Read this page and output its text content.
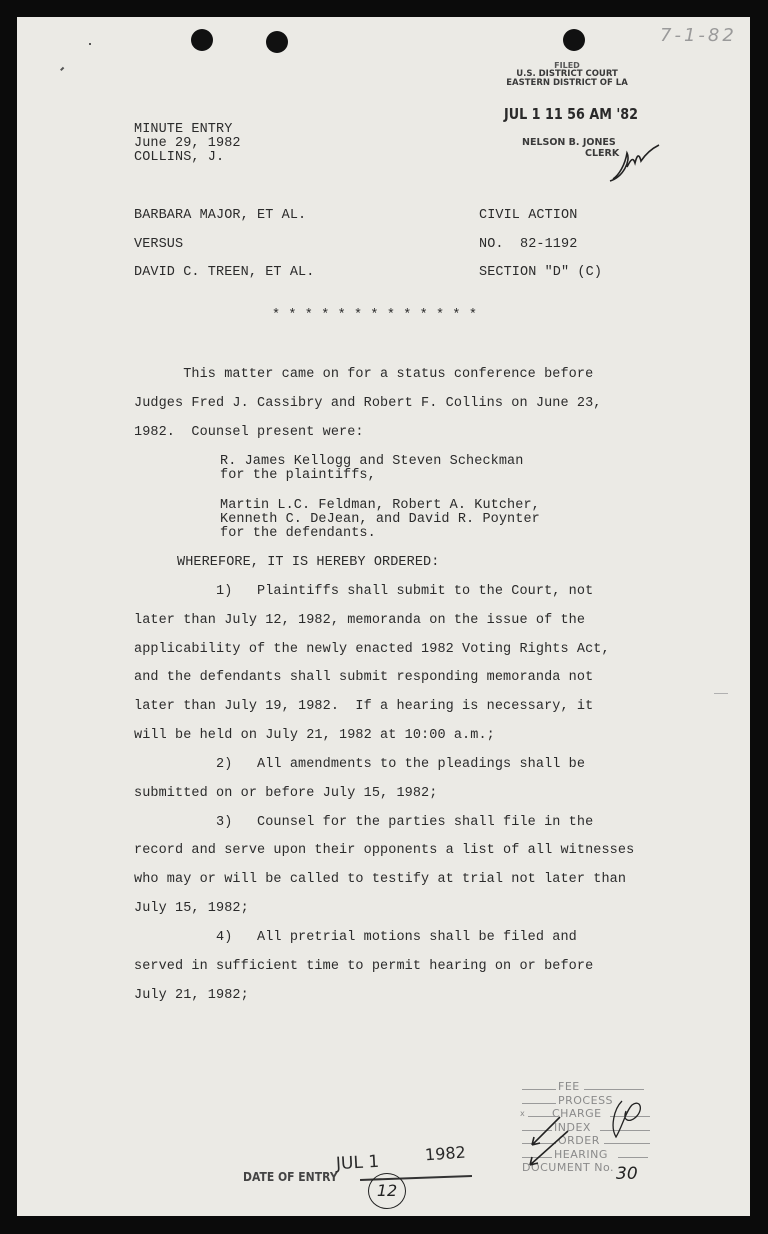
7-1-82
FILED
U.S. DISTRICT COURT
EASTERN DISTRICT OF LA
JUL 1 11 56 AM '82
NELSON B. JONES
CLERK
MINUTE ENTRY
June 29, 1982
COLLINS, J.
BARBARA MAJOR, ET AL.
VERSUS
DAVID C. TREEN, ET AL.
CIVIL ACTION
NO.  82-1192
SECTION "D" (C)
* * * * * * * * * * * * *
This matter came on for a status conference before
Judges Fred J. Cassibry and Robert F. Collins on June 23,
1982.  Counsel present were:
R. James Kellogg and Steven Scheckman
for the plaintiffs,
Martin L.C. Feldman, Robert A. Kutcher,
Kenneth C. DeJean, and David R. Poynter
for the defendants.
WHEREFORE, IT IS HEREBY ORDERED:
1)   Plaintiffs shall submit to the Court, not
later than July 12, 1982, memoranda on the issue of the
applicability of the newly enacted 1982 Voting Rights Act,
and the defendants shall submit responding memoranda not
later than July 19, 1982.  If a hearing is necessary, it
will be held on July 21, 1982 at 10:00 a.m.;
2)   All amendments to the pleadings shall be
submitted on or before July 15, 1982;
3)   Counsel for the parties shall file in the
record and serve upon their opponents a list of all witnesses
who may or will be called to testify at trial not later than
July 15, 1982;
4)   All pretrial motions shall be filed and
served in sufficient time to permit hearing on or before
July 21, 1982;
FEE
PROCESS
x CHARGE
INDEX
ORDER
HEARING
DOCUMENT No. 30
DATE OF ENTRY
JUL 1	1982
12
